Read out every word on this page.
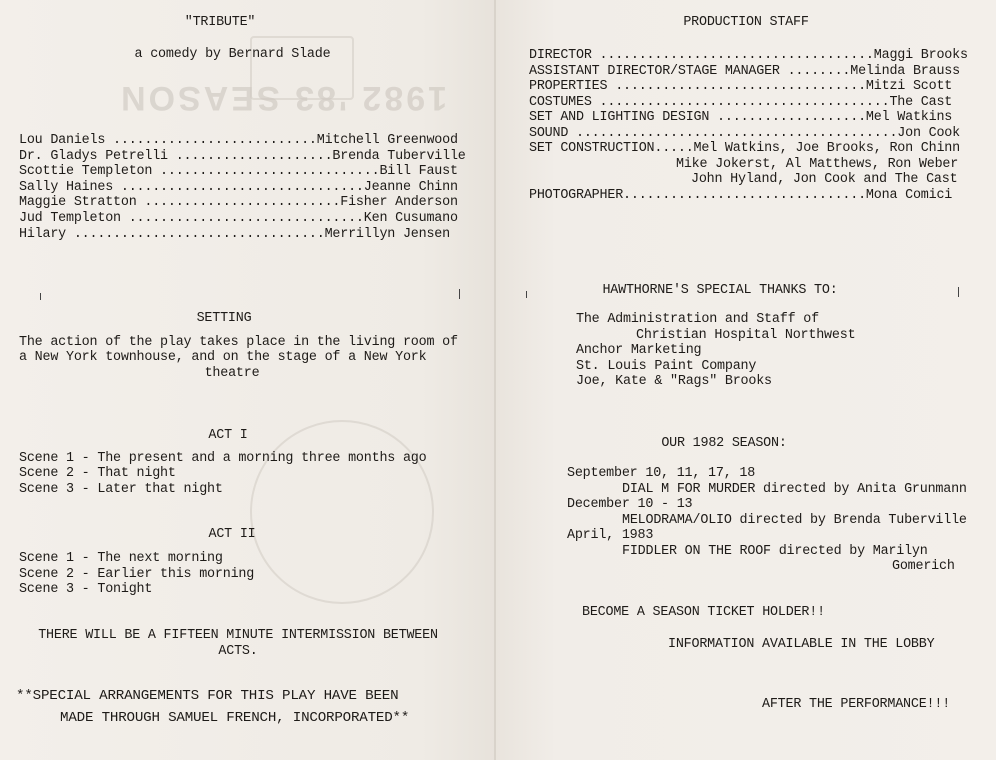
1982 '83 SEASON
"TRIBUTE"
a comedy by Bernard Slade
Lou Daniels ..........................Mitchell Greenwood
Dr. Gladys Petrelli ....................Brenda Tuberville
Scottie Templeton ............................Bill Faust
Sally Haines ...............................Jeanne Chinn
Maggie Stratton .........................Fisher Anderson
Jud Templeton ..............................Ken Cusumano
Hilary ................................Merrillyn Jensen
SETTING
The action of the play takes place in the living room of
a New York townhouse, and on the stage of a New York
theatre
ACT I
Scene 1 - The present and a morning three months ago
Scene 2 - That night
Scene 3 - Later that night
ACT II
Scene 1 - The next morning
Scene 2 - Earlier this morning
Scene 3 - Tonight
THERE WILL BE A FIFTEEN MINUTE INTERMISSION BETWEEN
ACTS.
**SPECIAL ARRANGEMENTS FOR THIS PLAY HAVE BEEN
MADE THROUGH SAMUEL FRENCH, INCORPORATED**
PRODUCTION STAFF
DIRECTOR ...................................Maggi Brooks
ASSISTANT DIRECTOR/STAGE MANAGER ........Melinda Brauss
PROPERTIES ................................Mitzi Scott
COSTUMES .....................................The Cast
SET AND LIGHTING DESIGN ...................Mel Watkins
SOUND .........................................Jon Cook
SET CONSTRUCTION.....Mel Watkins, Joe Brooks, Ron Chinn
Mike Jokerst, Al Matthews, Ron Weber
John Hyland, Jon Cook and The Cast
PHOTOGRAPHER...............................Mona Comici
HAWTHORNE'S SPECIAL THANKS TO:
The Administration and Staff of
Christian Hospital Northwest
Anchor Marketing
St. Louis Paint Company
Joe, Kate & "Rags" Brooks
OUR 1982 SEASON:
September 10, 11, 17, 18
DIAL M FOR MURDER directed by Anita Grunmann
December 10 - 13
MELODRAMA/OLIO directed by Brenda Tuberville
April, 1983
FIDDLER ON THE ROOF directed by Marilyn
Gomerich
BECOME A SEASON TICKET HOLDER!!
INFORMATION AVAILABLE IN THE LOBBY
AFTER THE PERFORMANCE!!!
